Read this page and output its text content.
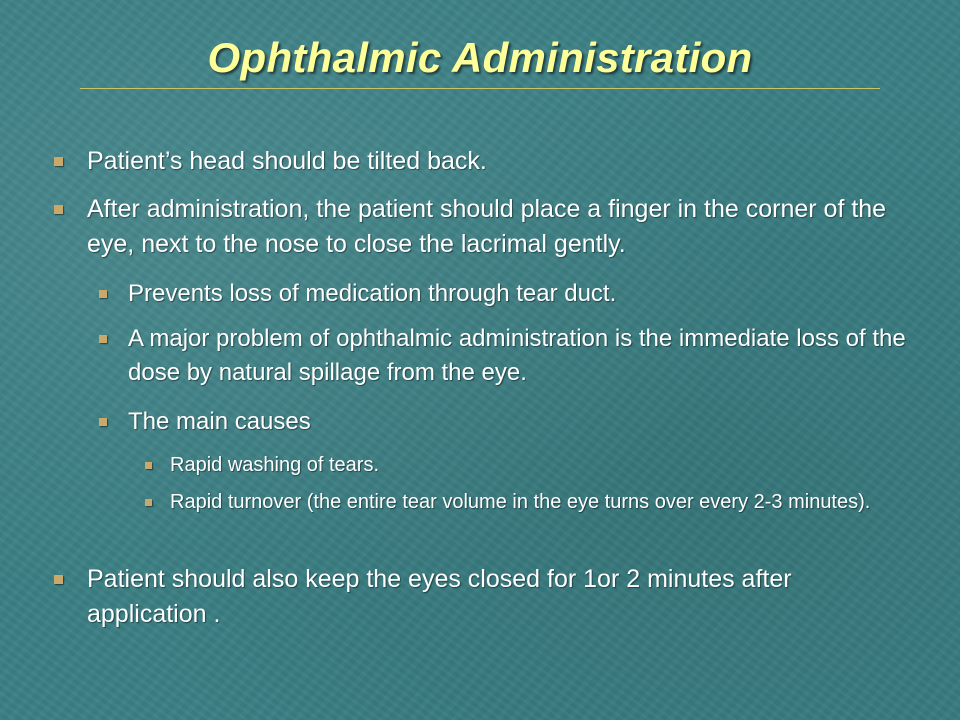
Ophthalmic Administration
Patient’s head should be tilted back.
After administration, the patient should place a finger in the corner of the eye, next to the nose to close the lacrimal gently.
Prevents loss of medication through tear duct.
A major problem of ophthalmic administration is the immediate loss of the dose by natural spillage from the eye.
The main causes
Rapid washing of tears.
Rapid turnover (the entire tear volume in the eye turns over every 2-3 minutes).
Patient should also keep the eyes closed for 1or 2 minutes after application .
